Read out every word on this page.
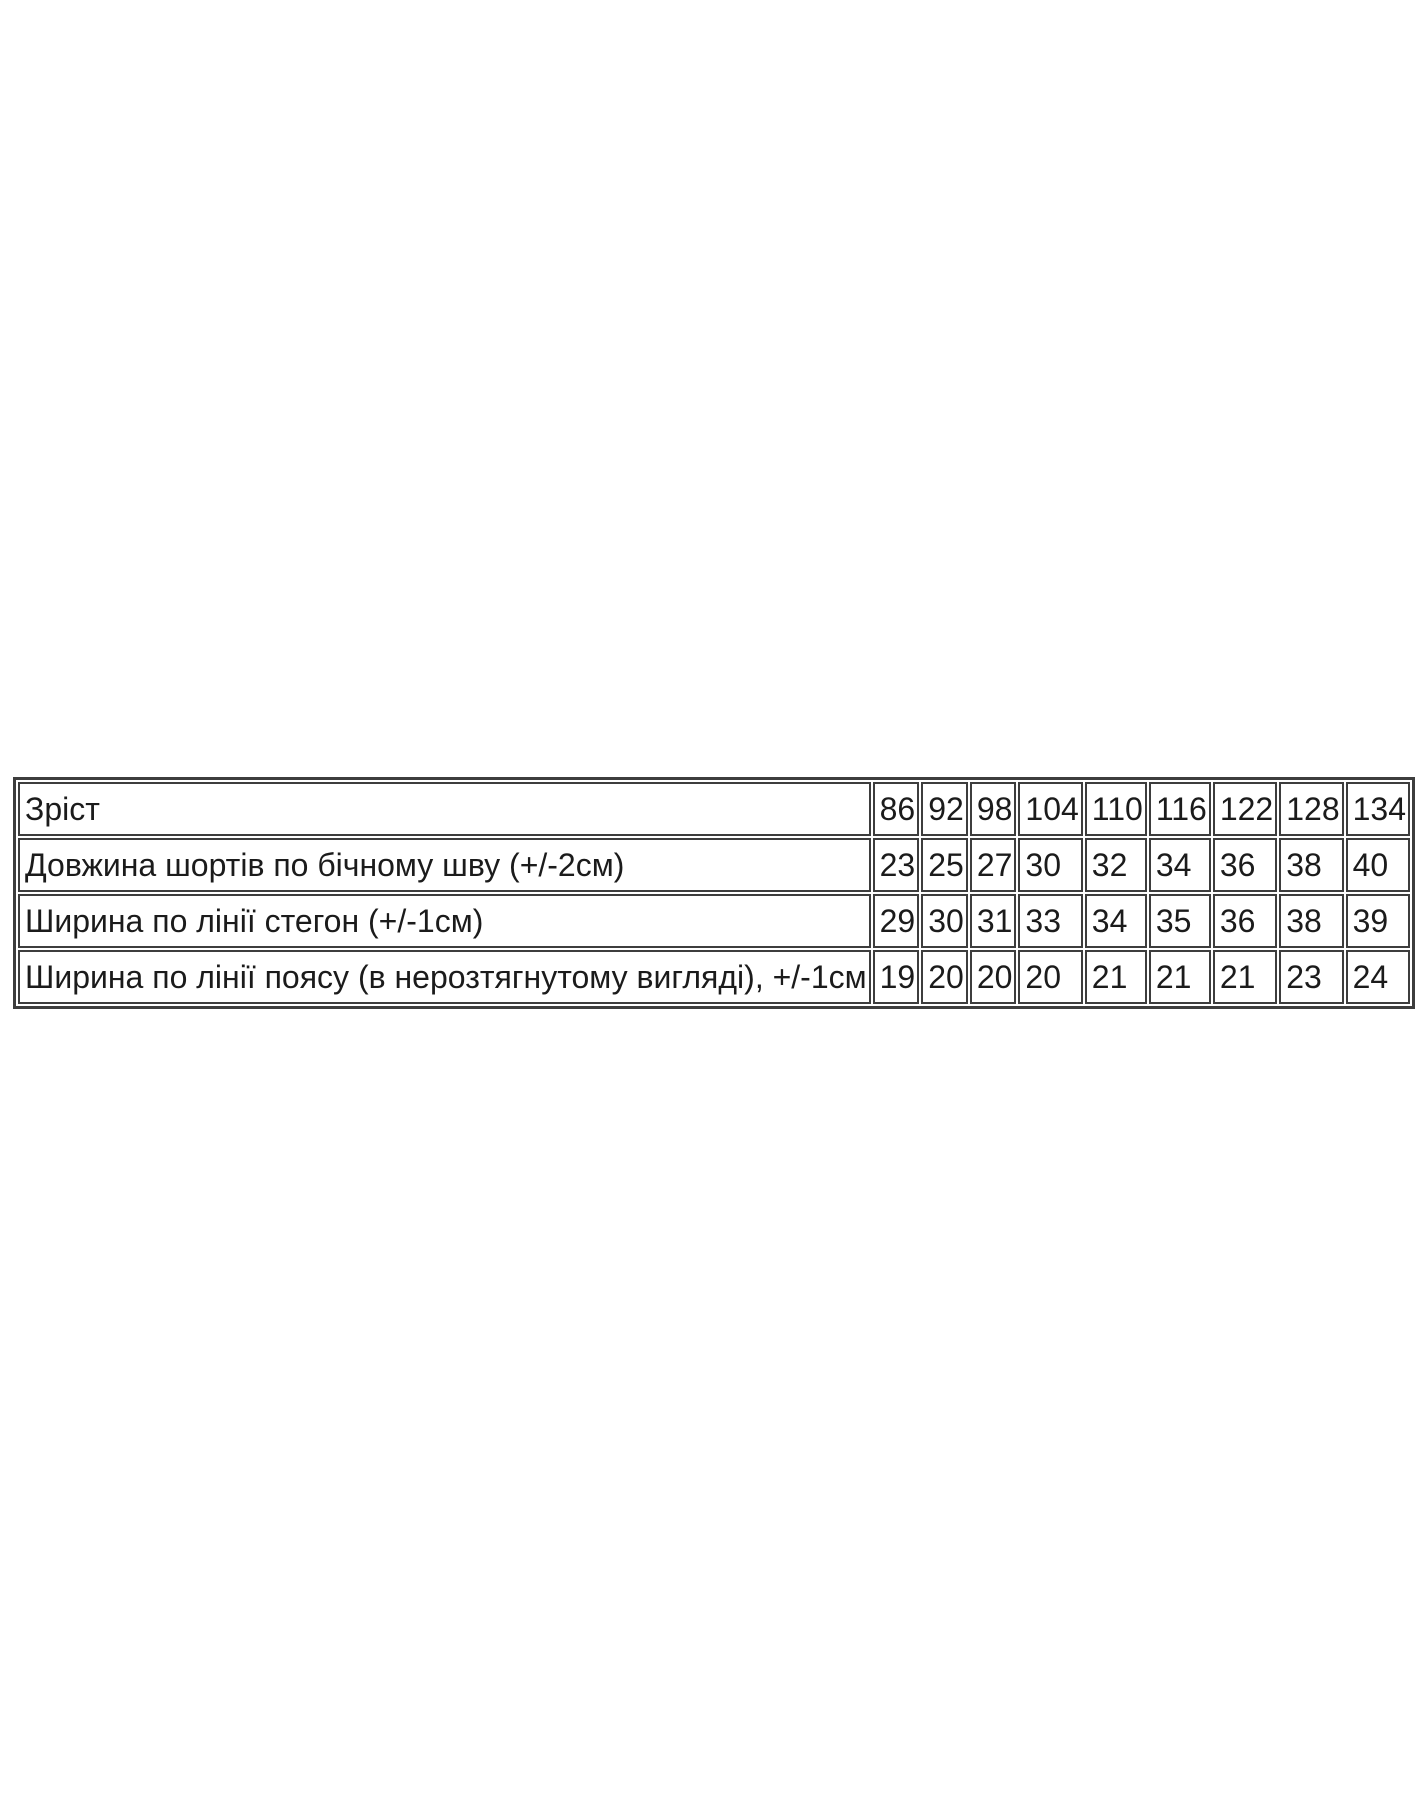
Зріст	86	92	98	104	110	116	122	128	134
Довжина шортів по бічному шву (+/-2см)	23	25	27	30	32	34	36	38	40
Ширина по лінії стегон (+/-1см)	29	30	31	33	34	35	36	38	39
Ширина по лінії поясу (в нерозтягнутому вигляді), +/-1см	19	20	20	20	21	21	21	23	24
